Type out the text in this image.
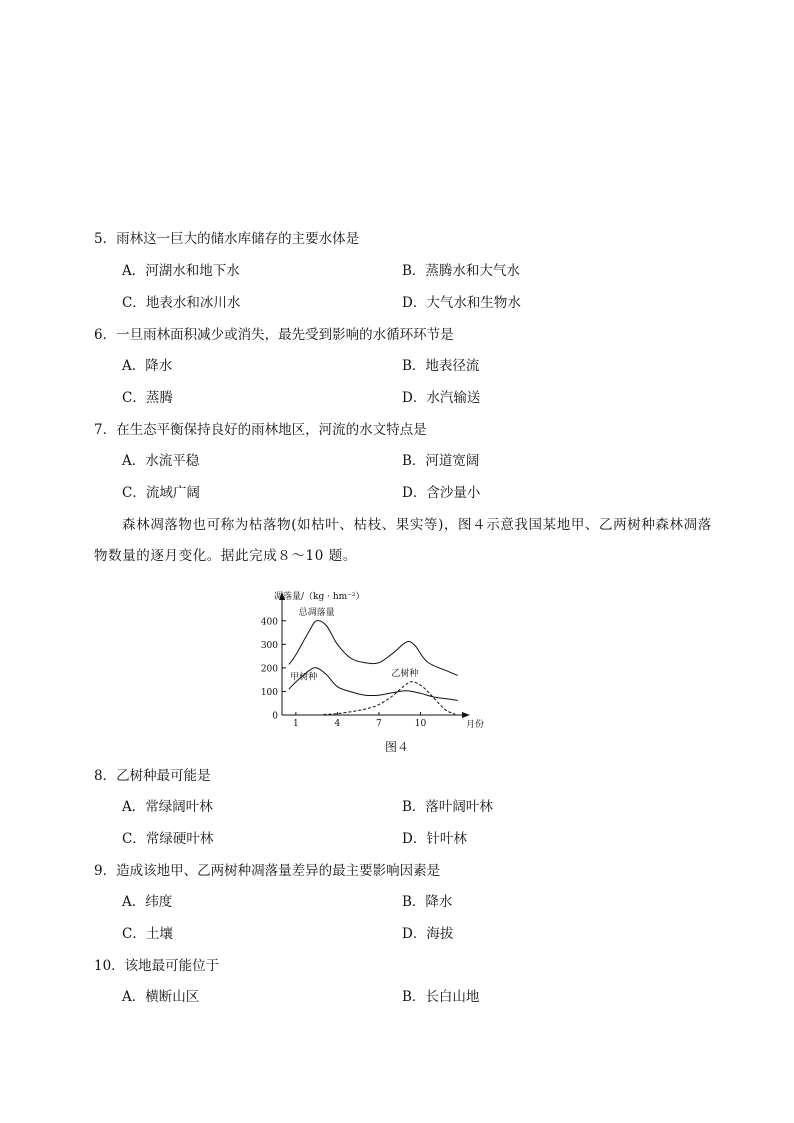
5．雨林这一巨大的储水库储存的主要水体是
A．河湖水和地下水	B．蒸腾水和大气水
C．地表水和冰川水	D．大气水和生物水
6．一旦雨林面积减少或消失，最先受到影响的水循环环节是
A．降水	B．地表径流
C．蒸腾	D．水汽输送
7．在生态平衡保持良好的雨林地区，河流的水文特点是
A．水流平稳	B．河道宽阔
C．流域广阔	D．含沙量小
森林凋落物也可称为枯落物(如枯叶、枯枝、果实等)，图４示意我国某地甲、乙两树种森林凋落
物数量的逐月变化。据此完成８～10 题。
0
100
200
300
400
1	4	7	10
凋落量/（kg · hm⁻²）
月份
总凋落量
甲树种	乙树种
图４
8．乙树种最可能是
A．常绿阔叶林	B．落叶阔叶林
C．常绿硬叶林	D．针叶林
9．造成该地甲、乙两树种凋落量差异的最主要影响因素是
A．纬度	B．降水
C．土壤	D．海拔
10．该地最可能位于
A．横断山区	B．长白山地
